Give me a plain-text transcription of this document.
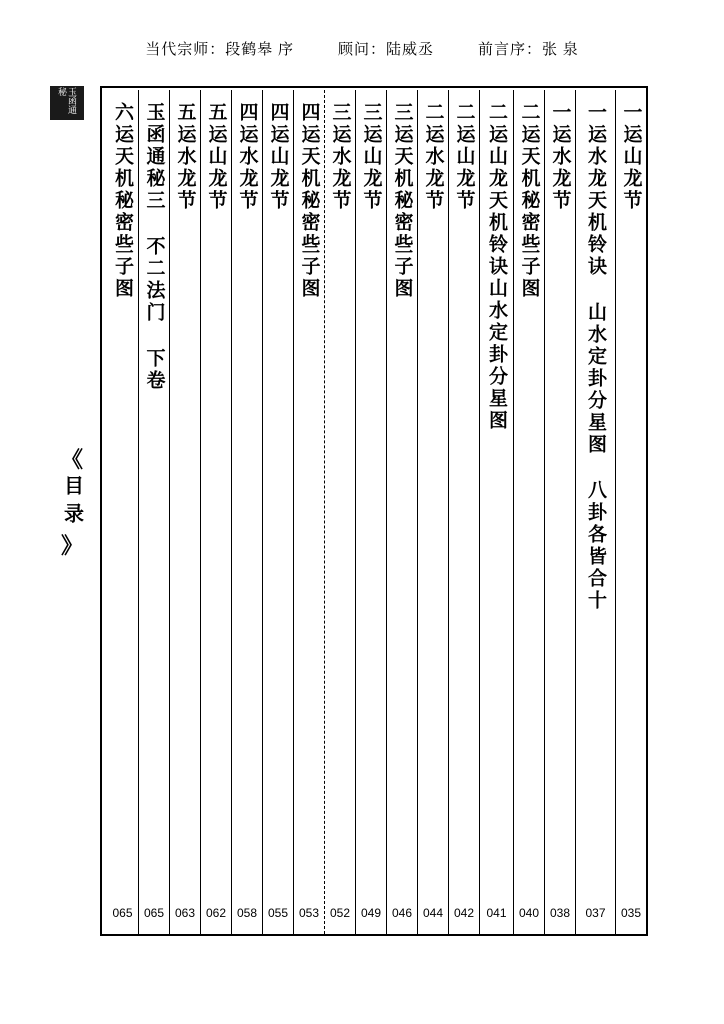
当代宗师：段鹤皋 序	顾问：陆威丞	前言序：张 泉
玉函通秘
《
目录
》
一运山龙节
035
一运水龙天机铃诀 山水定卦分星图 八卦各皆合十
037
一运水龙节
038
二运天机秘密些子图
040
二运山龙天机铃诀山水定卦分星图
041
二运山龙节
042
二运水龙节
044
三运天机秘密些子图
046
三运山龙节
049
三运水龙节
052
四运天机秘密些子图
053
四运山龙节
055
四运水龙节
058
五运山龙节
062
五运水龙节
063
玉函通秘三 不二法门 下卷
065
六运天机秘密些子图
065
